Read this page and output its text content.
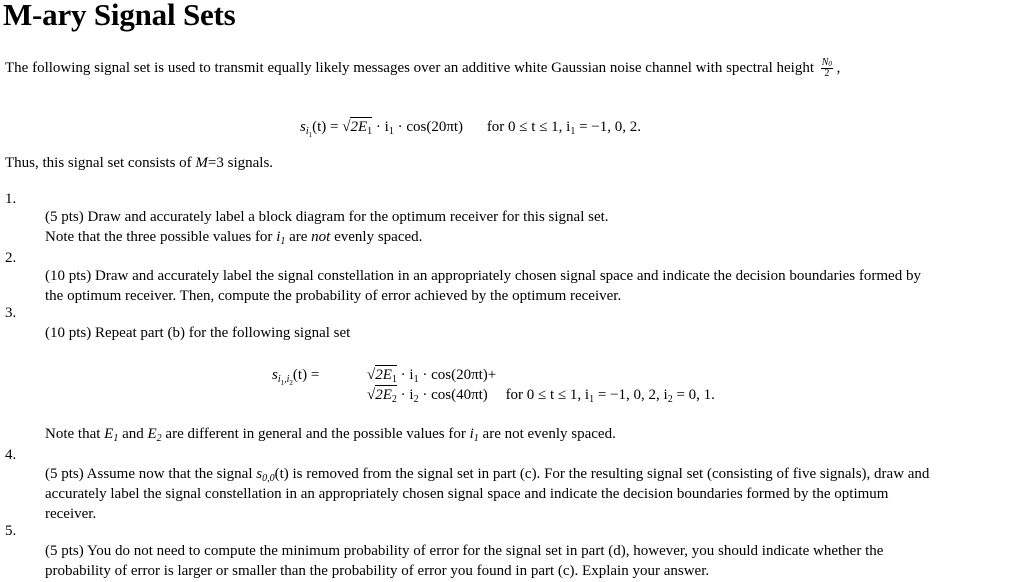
M-ary Signal Sets
The following signal set is used to transmit equally likely messages over an additive white Gaussian noise channel with spectral height $\frac{N_0}{2}$ ,
$s_{i_1}(t) = √2E_1 \cdot i_1 \cdot \cos(20\pi t)$ for 0 ≤ t ≤ 1, $i_1 = -1$, 0, 2.
Thus, this signal set consists of M=3 signals.
1.
2.
3.
4.
5.
(5 pts) Draw and accurately label a block diagram for the optimum receiver for this signal set.
Note that the three possible values for $i_1$ are not evenly spaced.
(10 pts) Draw and accurately label the signal constellation in an appropriately chosen signal space and indicate the decision boundaries formed by
the optimum receiver. Then, compute the probability of error achieved by the optimum receiver.
(10 pts) Repeat part (b) for the following signal set
$s_{i_1,i_2}(t)$ =	$√2E_1 \cdot i_1 \cdot \cos(20\pi t)+$
$√2E_2 \cdot i_2 \cdot \cos(40\pi t)$ for 0 ≤ t ≤ 1, $i_1 = -1$, 0, 2, $i_2 = 0$, 1.
Note that $E_1$ and $E_2$ are different in general and the possible values for $i_1$ are not evenly spaced.
(5 pts) Assume now that the signal $s_{0,0}(t)$ is removed from the signal set in part (c). For the resulting signal set (consisting of five signals), draw and
accurately label the signal constellation in an appropriately chosen signal space and indicate the decision boundaries formed by the optimum
receiver.
(5 pts) You do not need to compute the minimum probability of error for the signal set in part (d), however, you should indicate whether the
probability of error is larger or smaller than the probability of error you found in part (c). Explain your answer.
